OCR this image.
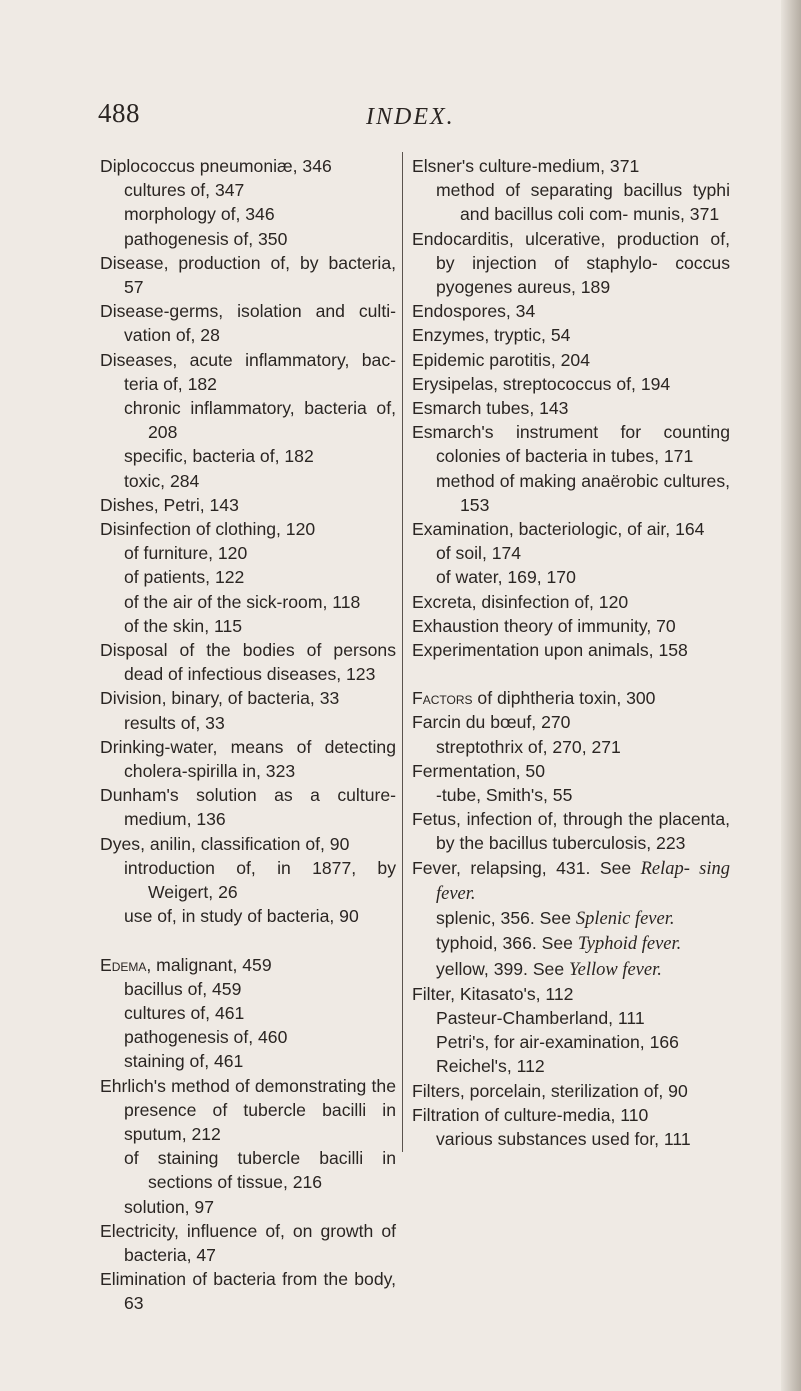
488	INDEX.
Diplococcus pneumoniæ, 346
cultures of, 347
morphology of, 346
pathogenesis of, 350
Disease, production of, by bacteria, 57
Disease-germs, isolation and culti- vation of, 28
Diseases, acute inflammatory, bac- teria of, 182
chronic inflammatory, bacteria of, 208
specific, bacteria of, 182
toxic, 284
Dishes, Petri, 143
Disinfection of clothing, 120
of furniture, 120
of patients, 122
of the air of the sick-room, 118
of the skin, 115
Disposal of the bodies of persons dead of infectious diseases, 123
Division, binary, of bacteria, 33
results of, 33
Drinking-water, means of detecting cholera-spirilla in, 323
Dunham's solution as a culture- medium, 136
Dyes, anilin, classification of, 90
introduction of, in 1877, by Weigert, 26
use of, in study of bacteria, 90
Edema, malignant, 459
bacillus of, 459
cultures of, 461
pathogenesis of, 460
staining of, 461
Ehrlich's method of demonstrating the presence of tubercle bacilli in sputum, 212
of staining tubercle bacilli in sections of tissue, 216
solution, 97
Electricity, influence of, on growth of bacteria, 47
Elimination of bacteria from the body, 63
Elsner's culture-medium, 371
method of separating bacillus typhi and bacillus coli com- munis, 371
Endocarditis, ulcerative, production of, by injection of staphylo- coccus pyogenes aureus, 189
Endospores, 34
Enzymes, tryptic, 54
Epidemic parotitis, 204
Erysipelas, streptococcus of, 194
Esmarch tubes, 143
Esmarch's instrument for counting colonies of bacteria in tubes, 171
method of making anaërobic cultures, 153
Examination, bacteriologic, of air, 164
of soil, 174
of water, 169, 170
Excreta, disinfection of, 120
Exhaustion theory of immunity, 70
Experimentation upon animals, 158
Factors of diphtheria toxin, 300
Farcin du bœuf, 270
streptothrix of, 270, 271
Fermentation, 50
-tube, Smith's, 55
Fetus, infection of, through the placenta, by the bacillus tuberculosis, 223
Fever, relapsing, 431. See Relap- sing fever.
splenic, 356. See Splenic fever.
typhoid, 366. See Typhoid fever.
yellow, 399. See Yellow fever.
Filter, Kitasato's, 112
Pasteur-Chamberland, 111
Petri's, for air-examination, 166
Reichel's, 112
Filters, porcelain, sterilization of, 90
Filtration of culture-media, 110
various substances used for, 111
